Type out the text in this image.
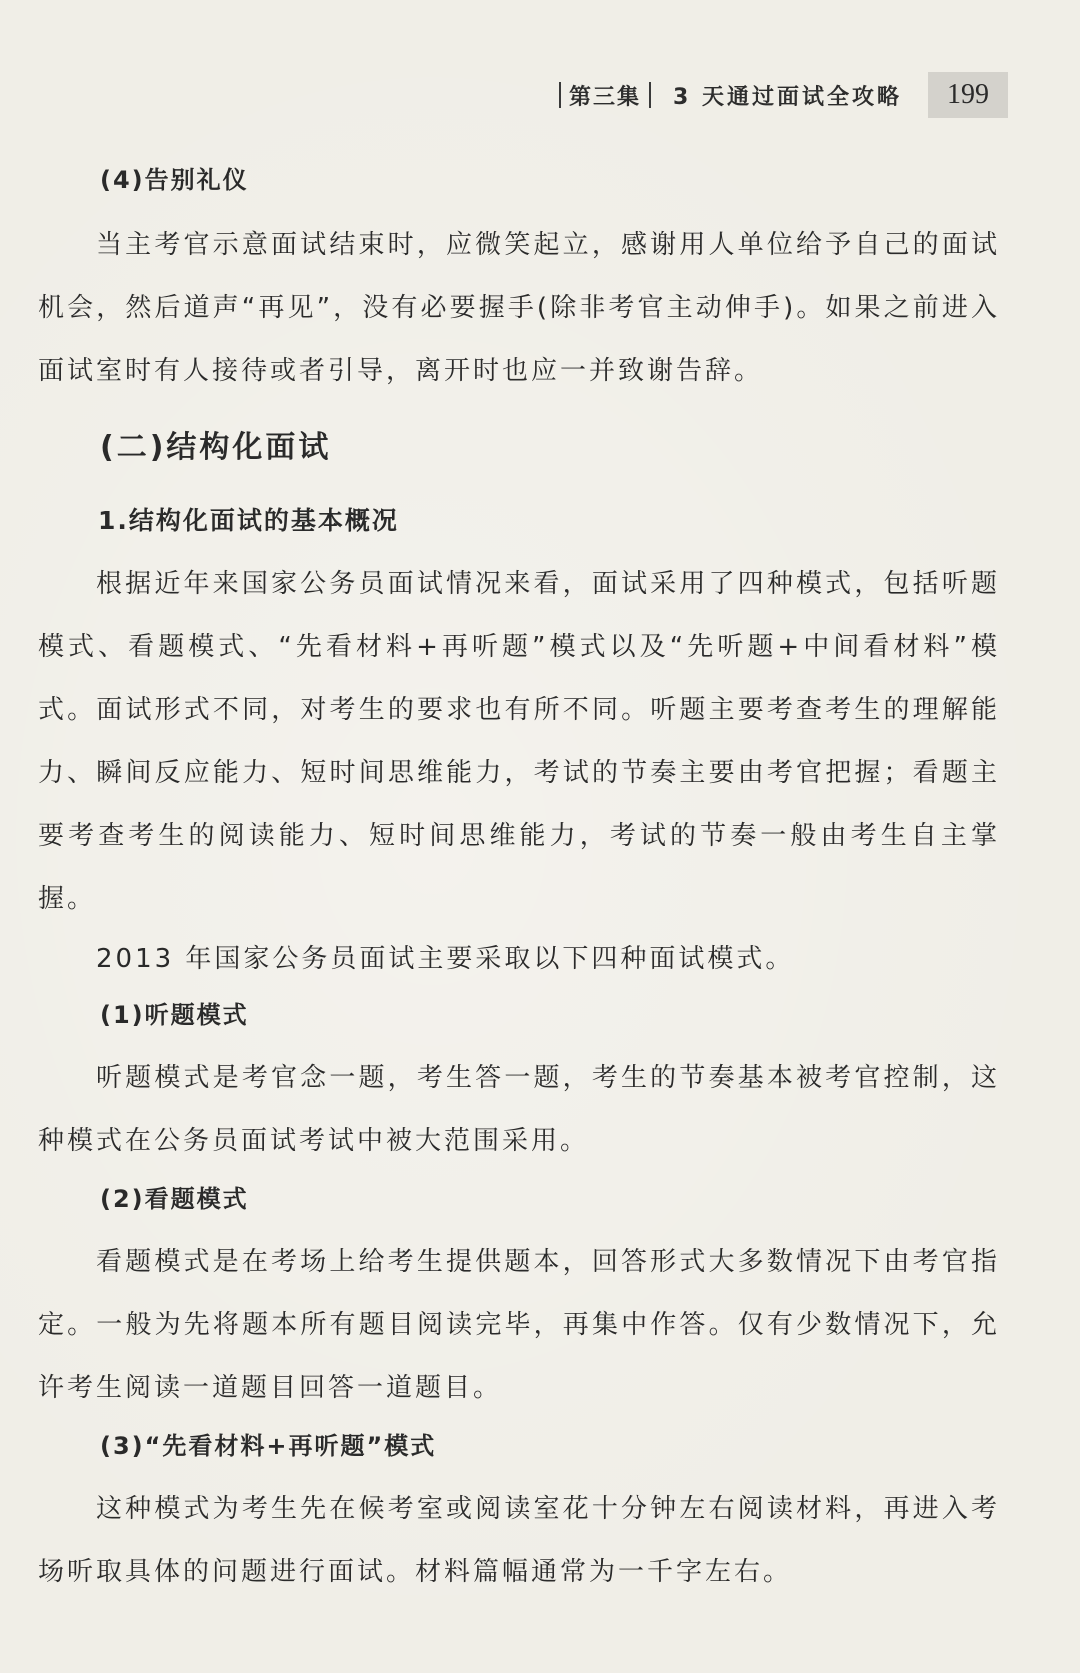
第三集 3 天通过面试全攻略	199
(4)告别礼仪

当主考官示意面试结束时，应微笑起立，感谢用人单位给予自己的面试机会，然后道声“再见”，没有必要握手(除非考官主动伸手)。如果之前进入面试室时有人接待或者引导，离开时也应一并致谢告辞。

(二)结构化面试
1.结构化面试的基本概况

根据近年来国家公务员面试情况来看，面试采用了四种模式，包括听题模式、看题模式、“先看材料+再听题”模式以及“先听题+中间看材料”模式。面试形式不同，对考生的要求也有所不同。听题主要考查考生的理解能力、瞬间反应能力、短时间思维能力，考试的节奏主要由考官把握；看题主要考查考生的阅读能力、短时间思维能力，考试的节奏一般由考生自主掌握。

2013 年国家公务员面试主要采取以下四种面试模式。
(1)听题模式

听题模式是考官念一题，考生答一题，考生的节奏基本被考官控制，这种模式在公务员面试考试中被大范围采用。

(2)看题模式

看题模式是在考场上给考生提供题本，回答形式大多数情况下由考官指定。一般为先将题本所有题目阅读完毕，再集中作答。仅有少数情况下，允许考生阅读一道题目回答一道题目。

(3)“先看材料+再听题”模式

这种模式为考生先在候考室或阅读室花十分钟左右阅读材料，再进入考场听取具体的问题进行面试。材料篇幅通常为一千字左右。
